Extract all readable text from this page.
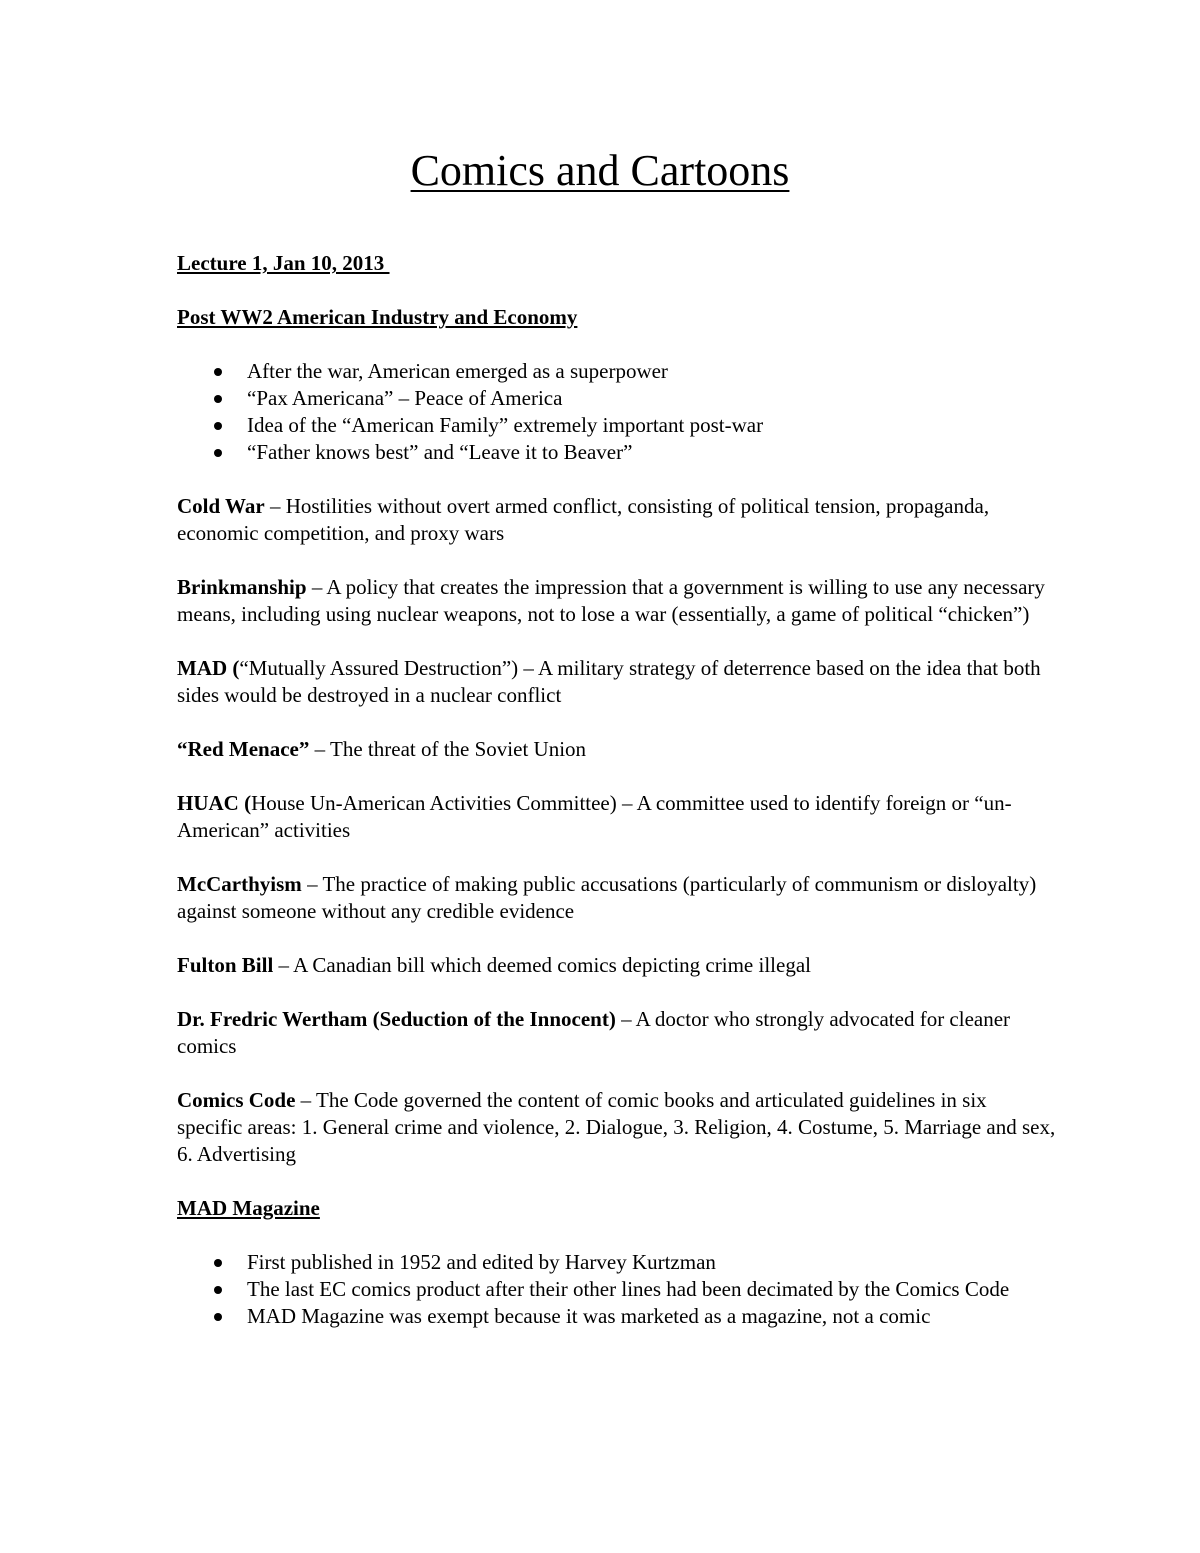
Comics and Cartoons

Lecture 1, Jan 10, 2013

Post WW2 American Industry and Economy

After the war, American emerged as a superpower
“Pax Americana” – Peace of America
Idea of the “American Family” extremely important post-war
“Father knows best” and “Leave it to Beaver”

Cold War – Hostilities without overt armed conflict, consisting of political tension, propaganda, economic competition, and proxy wars

Brinkmanship – A policy that creates the impression that a government is willing to use any necessary means, including using nuclear weapons, not to lose a war (essentially, a game of political “chicken”)

MAD (“Mutually Assured Destruction”) – A military strategy of deterrence based on the idea that both sides would be destroyed in a nuclear conflict

“Red Menace” – The threat of the Soviet Union

HUAC (House Un-American Activities Committee) – A committee used to identify foreign or “un-American” activities

McCarthyism – The practice of making public accusations (particularly of communism or disloyalty) against someone without any credible evidence

Fulton Bill – A Canadian bill which deemed comics depicting crime illegal

Dr. Fredric Wertham (Seduction of the Innocent) – A doctor who strongly advocated for cleaner comics

Comics Code – The Code governed the content of comic books and articulated guidelines in six specific areas: 1. General crime and violence, 2. Dialogue, 3. Religion, 4. Costume, 5. Marriage and sex, 6. Advertising

MAD Magazine

First published in 1952 and edited by Harvey Kurtzman
The last EC comics product after their other lines had been decimated by the Comics Code
MAD Magazine was exempt because it was marketed as a magazine, not a comic
